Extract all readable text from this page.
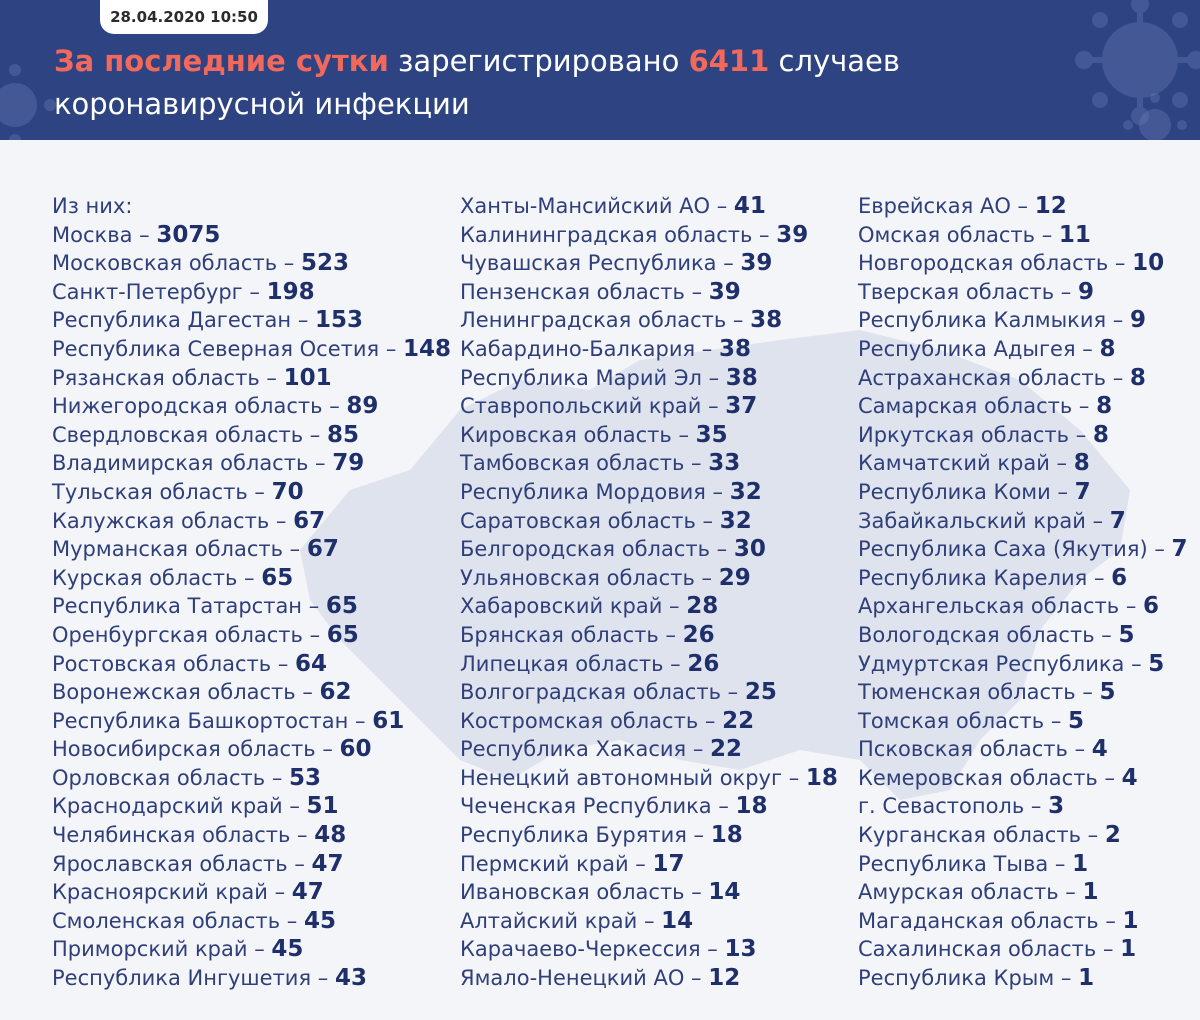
28.04.2020 10:50
За последние сутки зарегистрировано 6411 случаев
коронавирусной инфекции
Из них:
Москва – 3075
Московская область – 523
Санкт-Петербург – 198
Республика Дагестан – 153
Республика Северная Осетия – 148
Рязанская область – 101
Нижегородская область – 89
Свердловская область – 85
Владимирская область – 79
Тульская область – 70
Калужская область – 67
Мурманская область – 67
Курская область – 65
Республика Татарстан – 65
Оренбургская область – 65
Ростовская область – 64
Воронежская область – 62
Республика Башкортостан – 61
Новосибирская область – 60
Орловская область – 53
Краснодарский край – 51
Челябинская область – 48
Ярославская область – 47
Красноярский край – 47
Смоленская область – 45
Приморский край – 45
Республика Ингушетия – 43
Ханты-Мансийский АО – 41
Калининградская область – 39
Чувашская Республика – 39
Пензенская область – 39
Ленинградская область – 38
Кабардино-Балкария – 38
Республика Марий Эл – 38
Ставропольский край – 37
Кировская область – 35
Тамбовская область – 33
Республика Мордовия – 32
Саратовская область – 32
Белгородская область – 30
Ульяновская область – 29
Хабаровский край – 28
Брянская область – 26
Липецкая область – 26
Волгоградская область – 25
Костромская область – 22
Республика Хакасия – 22
Ненецкий автономный округ – 18
Чеченская Республика – 18
Республика Бурятия – 18
Пермский край – 17
Ивановская область – 14
Алтайский край – 14
Карачаево-Черкессия – 13
Ямало-Ненецкий АО – 12
Еврейская АО – 12
Омская область – 11
Новгородская область – 10
Тверская область – 9
Республика Калмыкия – 9
Республика Адыгея – 8
Астраханская область – 8
Самарская область – 8
Иркутская область – 8
Камчатский край – 8
Республика Коми – 7
Забайкальский край – 7
Республика Саха (Якутия) – 7
Республика Карелия – 6
Архангельская область – 6
Вологодская область – 5
Удмуртская Республика – 5
Тюменская область – 5
Томская область – 5
Псковская область – 4
Кемеровская область – 4
г. Севастополь – 3
Курганская область – 2
Республика Тыва – 1
Амурская область – 1
Магаданская область – 1
Сахалинская область – 1
Республика Крым – 1
